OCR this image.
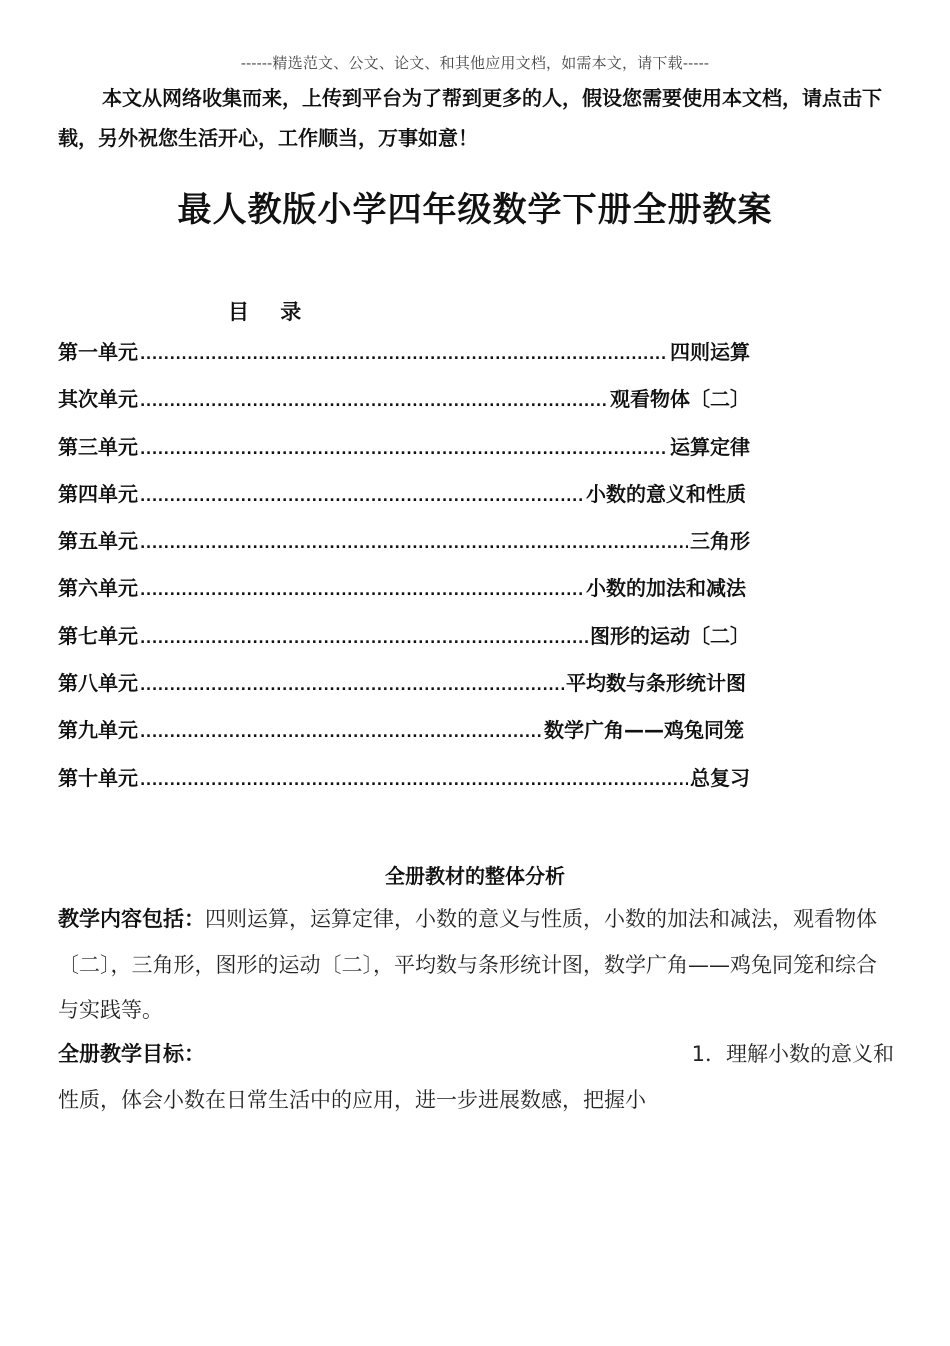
------精选范文、公文、论文、和其他应用文档，如需本文，请下载-----
本文从网络收集而来，上传到平台为了帮到更多的人，假设您需要使用本文档，请点击下载，另外祝您生活开心，工作顺当，万事如意！
最人教版小学四年级数学下册全册教案
目 录
第一单元 .....	四则运算
其次单元 .....	观看物体〔二〕
第三单元 .....	运算定律
第四单元 .....	小数的意义和性质
第五单元 .....	三角形
第六单元 .....	小数的加法和减法
第七单元 .....	图形的运动〔二〕
第八单元 .....	平均数与条形统计图
第九单元 .....	数学广角——鸡兔同笼
第十单元 .....	总复习
全册教材的整体分析
教学内容包括：四则运算，运算定律，小数的意义与性质，小数的加法和减法，观看物体〔二〕，三角形，图形的运动〔二〕，平均数与条形统计图，数学广角——鸡兔同笼和综合与实践等。
全册教学目标：	1．理解小数的意义和
性质，体会小数在日常生活中的应用，进一步进展数感，把握小
